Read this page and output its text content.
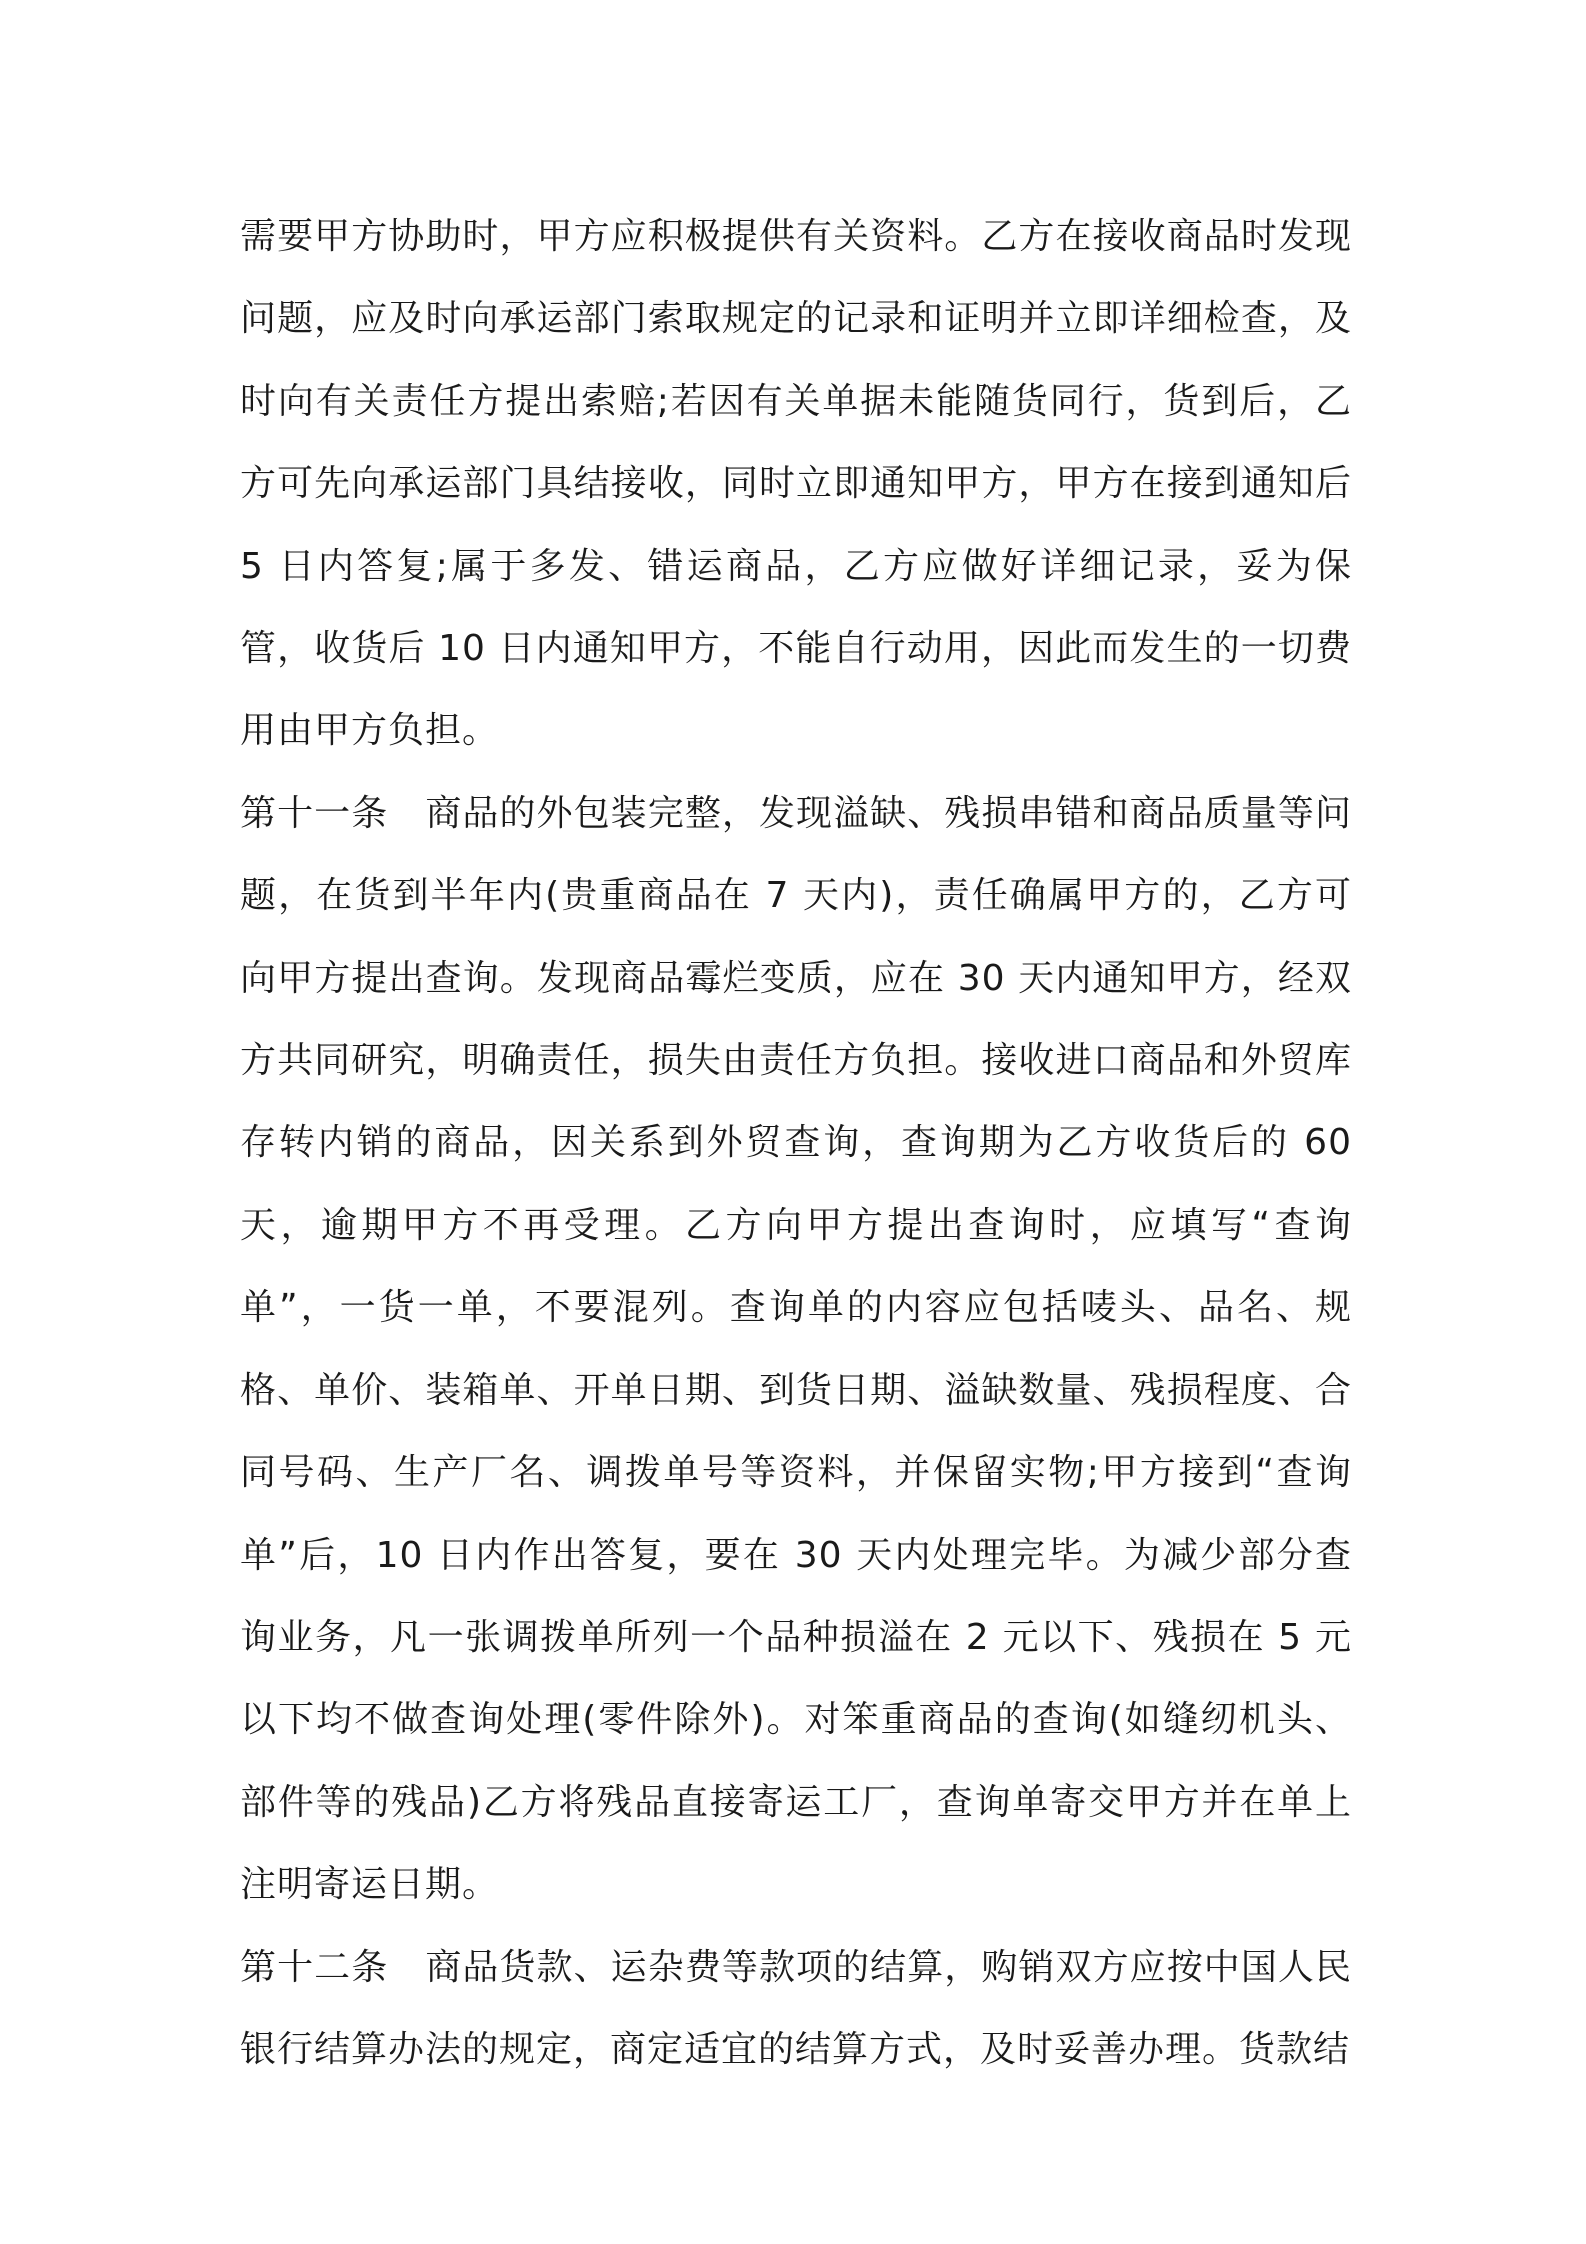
需要甲方协助时，甲方应积极提供有关资料。乙方在接收商品时发现问题，应及时向承运部门索取规定的记录和证明并立即详细检查，及时向有关责任方提出索赔;若因有关单据未能随货同行，货到后，乙方可先向承运部门具结接收，同时立即通知甲方，甲方在接到通知后 5 日内答复;属于多发、错运商品，乙方应做好详细记录，妥为保管，收货后 10 日内通知甲方，不能自行动用，因此而发生的一切费用由甲方负担。

第十一条　商品的外包装完整，发现溢缺、残损串错和商品质量等问题，在货到半年内(贵重商品在 7 天内)，责任确属甲方的，乙方可向甲方提出查询。发现商品霉烂变质，应在 30 天内通知甲方，经双方共同研究，明确责任，损失由责任方负担。接收进口商品和外贸库存转内销的商品，因关系到外贸查询，查询期为乙方收货后的 60 天，逾期甲方不再受理。乙方向甲方提出查询时，应填写“查询单”，一货一单，不要混列。查询单的内容应包括唛头、品名、规格、单价、装箱单、开单日期、到货日期、溢缺数量、残损程度、合同号码、生产厂名、调拨单号等资料，并保留实物;甲方接到“查询单”后，10 日内作出答复，要在 30 天内处理完毕。为减少部分查询业务，凡一张调拨单所列一个品种损溢在 2 元以下、残损在 5 元以下均不做查询处理(零件除外)。对笨重商品的查询(如缝纫机头、部件等的残品)乙方将残品直接寄运工厂，查询单寄交甲方并在单上注明寄运日期。

第十二条　商品货款、运杂费等款项的结算，购销双方应按中国人民银行结算办法的规定，商定适宜的结算方式，及时妥善办理。货款结
